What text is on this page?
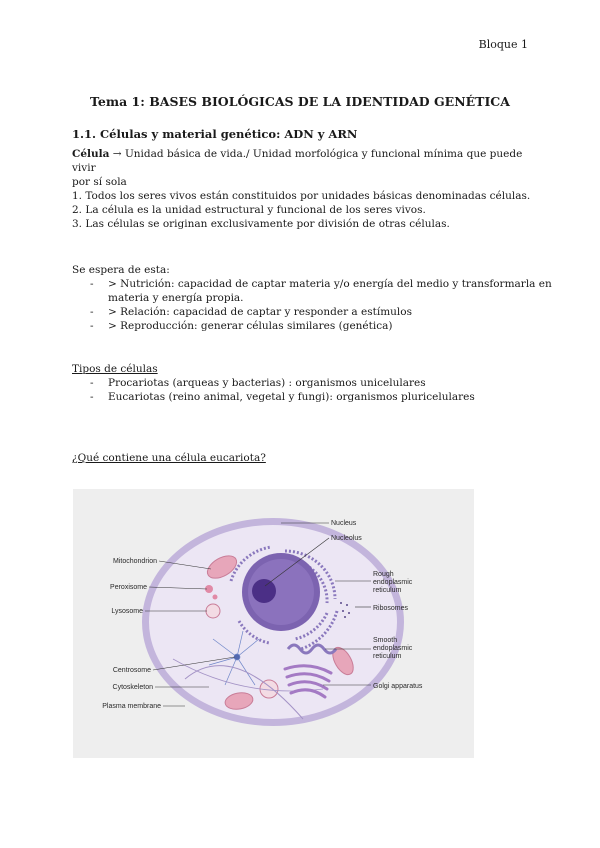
Bloque 1
Tema 1: BASES BIOLÓGICAS DE LA IDENTIDAD GENÉTICA
1.1. Células y material genético: ADN y ARN
Célula → Unidad básica de vida./ Unidad morfológica y funcional mínima que puede vivir
por sí sola
1. Todos los seres vivos están constituidos por unidades básicas denominadas células.
2. La célula es la unidad estructural y funcional de los seres vivos.
3. Las células se originan exclusivamente por división de otras células.
Se espera de esta:
-	> Nutrición: capacidad de captar materia y/o energía del medio y transformarla en
materia y energía propia.
-	> Relación: capacidad de captar y responder a estímulos
-	> Reproducción: generar células similares (genética)
Tipos de células
-	Procariotas (arqueas y bacterias) : organismos unicelulares
-	Eucariotas (reino animal, vegetal y fungi): organismos pluricelulares
¿Qué contiene una célula eucariota?
Nucleus
Nucleolus
Rough
endoplasmic
reticulum
Ribosomes
Smooth
endoplasmic
reticulum
Golgi apparatus
Mitochondrion
Peroxisome
Lysosome
Centrosome
Cytoskeleton
Plasma membrane
